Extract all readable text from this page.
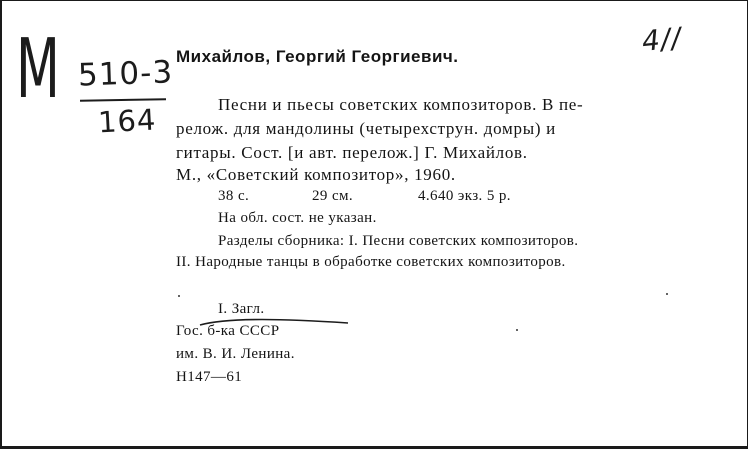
М 510-3
164
4//
Михайлов, Георгий Георгиевич.
Песни и пьесы советских композиторов. В пе-
релож. для мандолины (четырехструн. домры) и
гитары. Сост. [и авт. перелож.] Г. Михайлов.
М., «Советский композитор», 1960.
38 с.	29 см.	4.640 экз. 5 р.
На обл. сост. не указан.
Разделы сборника: I. Песни советских композиторов.
II. Народные танцы в обработке советских композиторов.
I. Загл.
Гос. б-ка СССР
им. В. И. Ленина.
Н147—61
